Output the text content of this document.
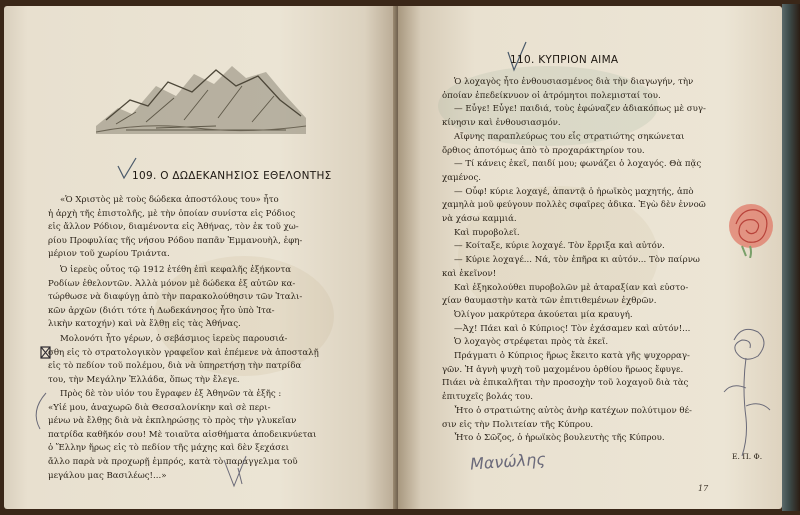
109. Ο ΔΩΔΕΚΑΝΗΣΙΟΣ ΕΘΕΛΟΝΤΗΣ
«Ὁ Χριστὸς μὲ τοὺς δώδεκα ἀποστόλους του» ἦτο
ἡ ἀρχὴ τῆς ἐπιστολῆς, μὲ τὴν ὁποίαν συνίστα εἰς Ρόδιος
εἰς ἄλλον Ρόδιον, διαμένοντα εἰς Ἀθήνας, τὸν ἐκ τοῦ χω-
ρίου Προφυλίας τῆς νήσου Ρόδου παπᾶν Ἐμμανουὴλ, ἐφη-
μέριον τοῦ χωρίου Τριάντα.
Ὁ ἱερεὺς οὗτος τῷ 1912 ἐτέθη ἐπὶ κεφαλῆς ἑξήκοντα
Ροδίων ἐθελοντῶν. Ἀλλὰ μόνον μὲ δώδεκα ἐξ αὐτῶν κα-
τώρθωσε νὰ διαφύγῃ ἀπὸ τὴν παρακολούθησιν τῶν Ἰταλι-
κῶν ἀρχῶν (διότι τότε ἡ Δωδεκάνησος ἦτο ὑπὸ Ἰτα-
λικὴν κατοχήν) καὶ νὰ ἔλθῃ εἰς τὰς Ἀθήνας.
Μολονότι ἦτο γέρων, ὁ σεβάσμιος ἱερεὺς παρουσιά-
σθη εἰς τὸ στρατολογικὸν γραφεῖον καὶ ἐπέμενε νὰ ἀποσταλῇ
εἰς τὸ πεδίον τοῦ πολέμου, διὰ νὰ ὑπηρετήσῃ τὴν πατρίδα
του, τὴν Μεγάλην Ἑλλάδα, ὅπως τὴν ἔλεγε.
Πρὸς δὲ τὸν υἱόν του ἔγραφεν ἐξ Ἀθηνῶν τὰ ἑξῆς :
«Υἱέ μου, ἀναχωρῶ διὰ Θεσσαλονίκην καὶ σὲ περι-
μένω νὰ ἔλθῃς διὰ νὰ ἐκπληρώσῃς τὸ πρὸς τὴν γλυκεῖαν
πατρίδα καθῆκόν σου! Μὲ τοιαῦτα αἰσθήματα ἀποδεικνύεται
ὁ Ἕλλην ἥρως εἰς τὸ πεδίον τῆς μάχης καὶ δὲν ξεχάσει
ἄλλο παρὰ νὰ προχωρῇ ἐμπρός, κατὰ τὸ παράγγελμα τοῦ
μεγάλου μας Βασιλέως!...»
110. ΚΥΠΡΙΟΝ ΑΙΜΑ
Ὁ λοχαγὸς ἦτο ἐνθουσιασμένος διὰ τὴν διαγωγήν, τὴν
ὁποίαν ἐπεδείκνυον οἱ ἀτρόμητοι πολεμισταί του.
— Εὖγε! Εὖγε! παιδιά, τοὺς ἐφώναζεν ἀδιακόπως μὲ συγ-
κίνησιν καὶ ἐνθουσιασμόν.
Αἴφνης παραπλεύρως του εἷς στρατιώτης σηκώνεται
ὄρθιος ἀποτόμως ἀπὸ τὸ προχαράκτηρίον του.
— Τί κάνεις ἐκεῖ, παιδί μου; φωνάζει ὁ λοχαγός. Θὰ πᾷς
χαμένος.
— Οὖφ! κύριε λοχαγέ, ἀπαντᾷ ὁ ἡρωϊκὸς μαχητής, ἀπὸ
χαμηλὰ μοῦ φεύγουν πολλὲς σφαῖρες ἀδικα. Ἐγὼ δὲν ἐννοῶ
νὰ χάσω καμμιά.
Καὶ πυροβολεῖ.
— Κοίταξε, κύριε λοχαγέ. Τὸν ἔρριξα καὶ αὐτόν.
— Κύριε λοχαγέ... Νά, τὸν ἐπῆρα κι αὐτόν... Τὸν παίρνω
καὶ ἐκεῖνον!
Καὶ ἐξηκολούθει πυροβολῶν μὲ ἀταραξίαν καὶ εὐστο-
χίαν θαυμαστὴν κατὰ τῶν ἐπιτιθεμένων ἐχθρῶν.
Ὀλίγον μακρύτερα ἀκούεται μία κραυγή.
—Ἀχ! Πάει καὶ ὁ Κύπριος! Τὸν ἐχάσαμεν καὶ αὐτόν!...
Ὁ λοχαγὸς στρέφεται πρὸς τὰ ἐκεῖ.
Πράγματι ὁ Κύπριος ἥρως ἔκειτο κατὰ γῆς ψυχορραγ-
γῶν. Ἡ ἀγνὴ ψυχὴ τοῦ μαχομένου ὀρθίου ἥρωος ἔφυγε.
Πιάει νὰ ἐπικαλῆται τὴν προσοχὴν τοῦ λοχαγοῦ διὰ τὰς
ἐπιτυχεῖς βολάς του.
Ἦτο ὁ στρατιώτης αὐτὸς ἀνὴρ κατέχων πολύτιμον θέ-
σιν εἰς τὴν Πολιτείαν τῆς Κύπρου.
Ἦτο ὁ Σῶζος, ὁ ἡρωϊκὸς βουλευτὴς τῆς Κύπρου.
Ε. Π. Φ.
17
Μανώλης
